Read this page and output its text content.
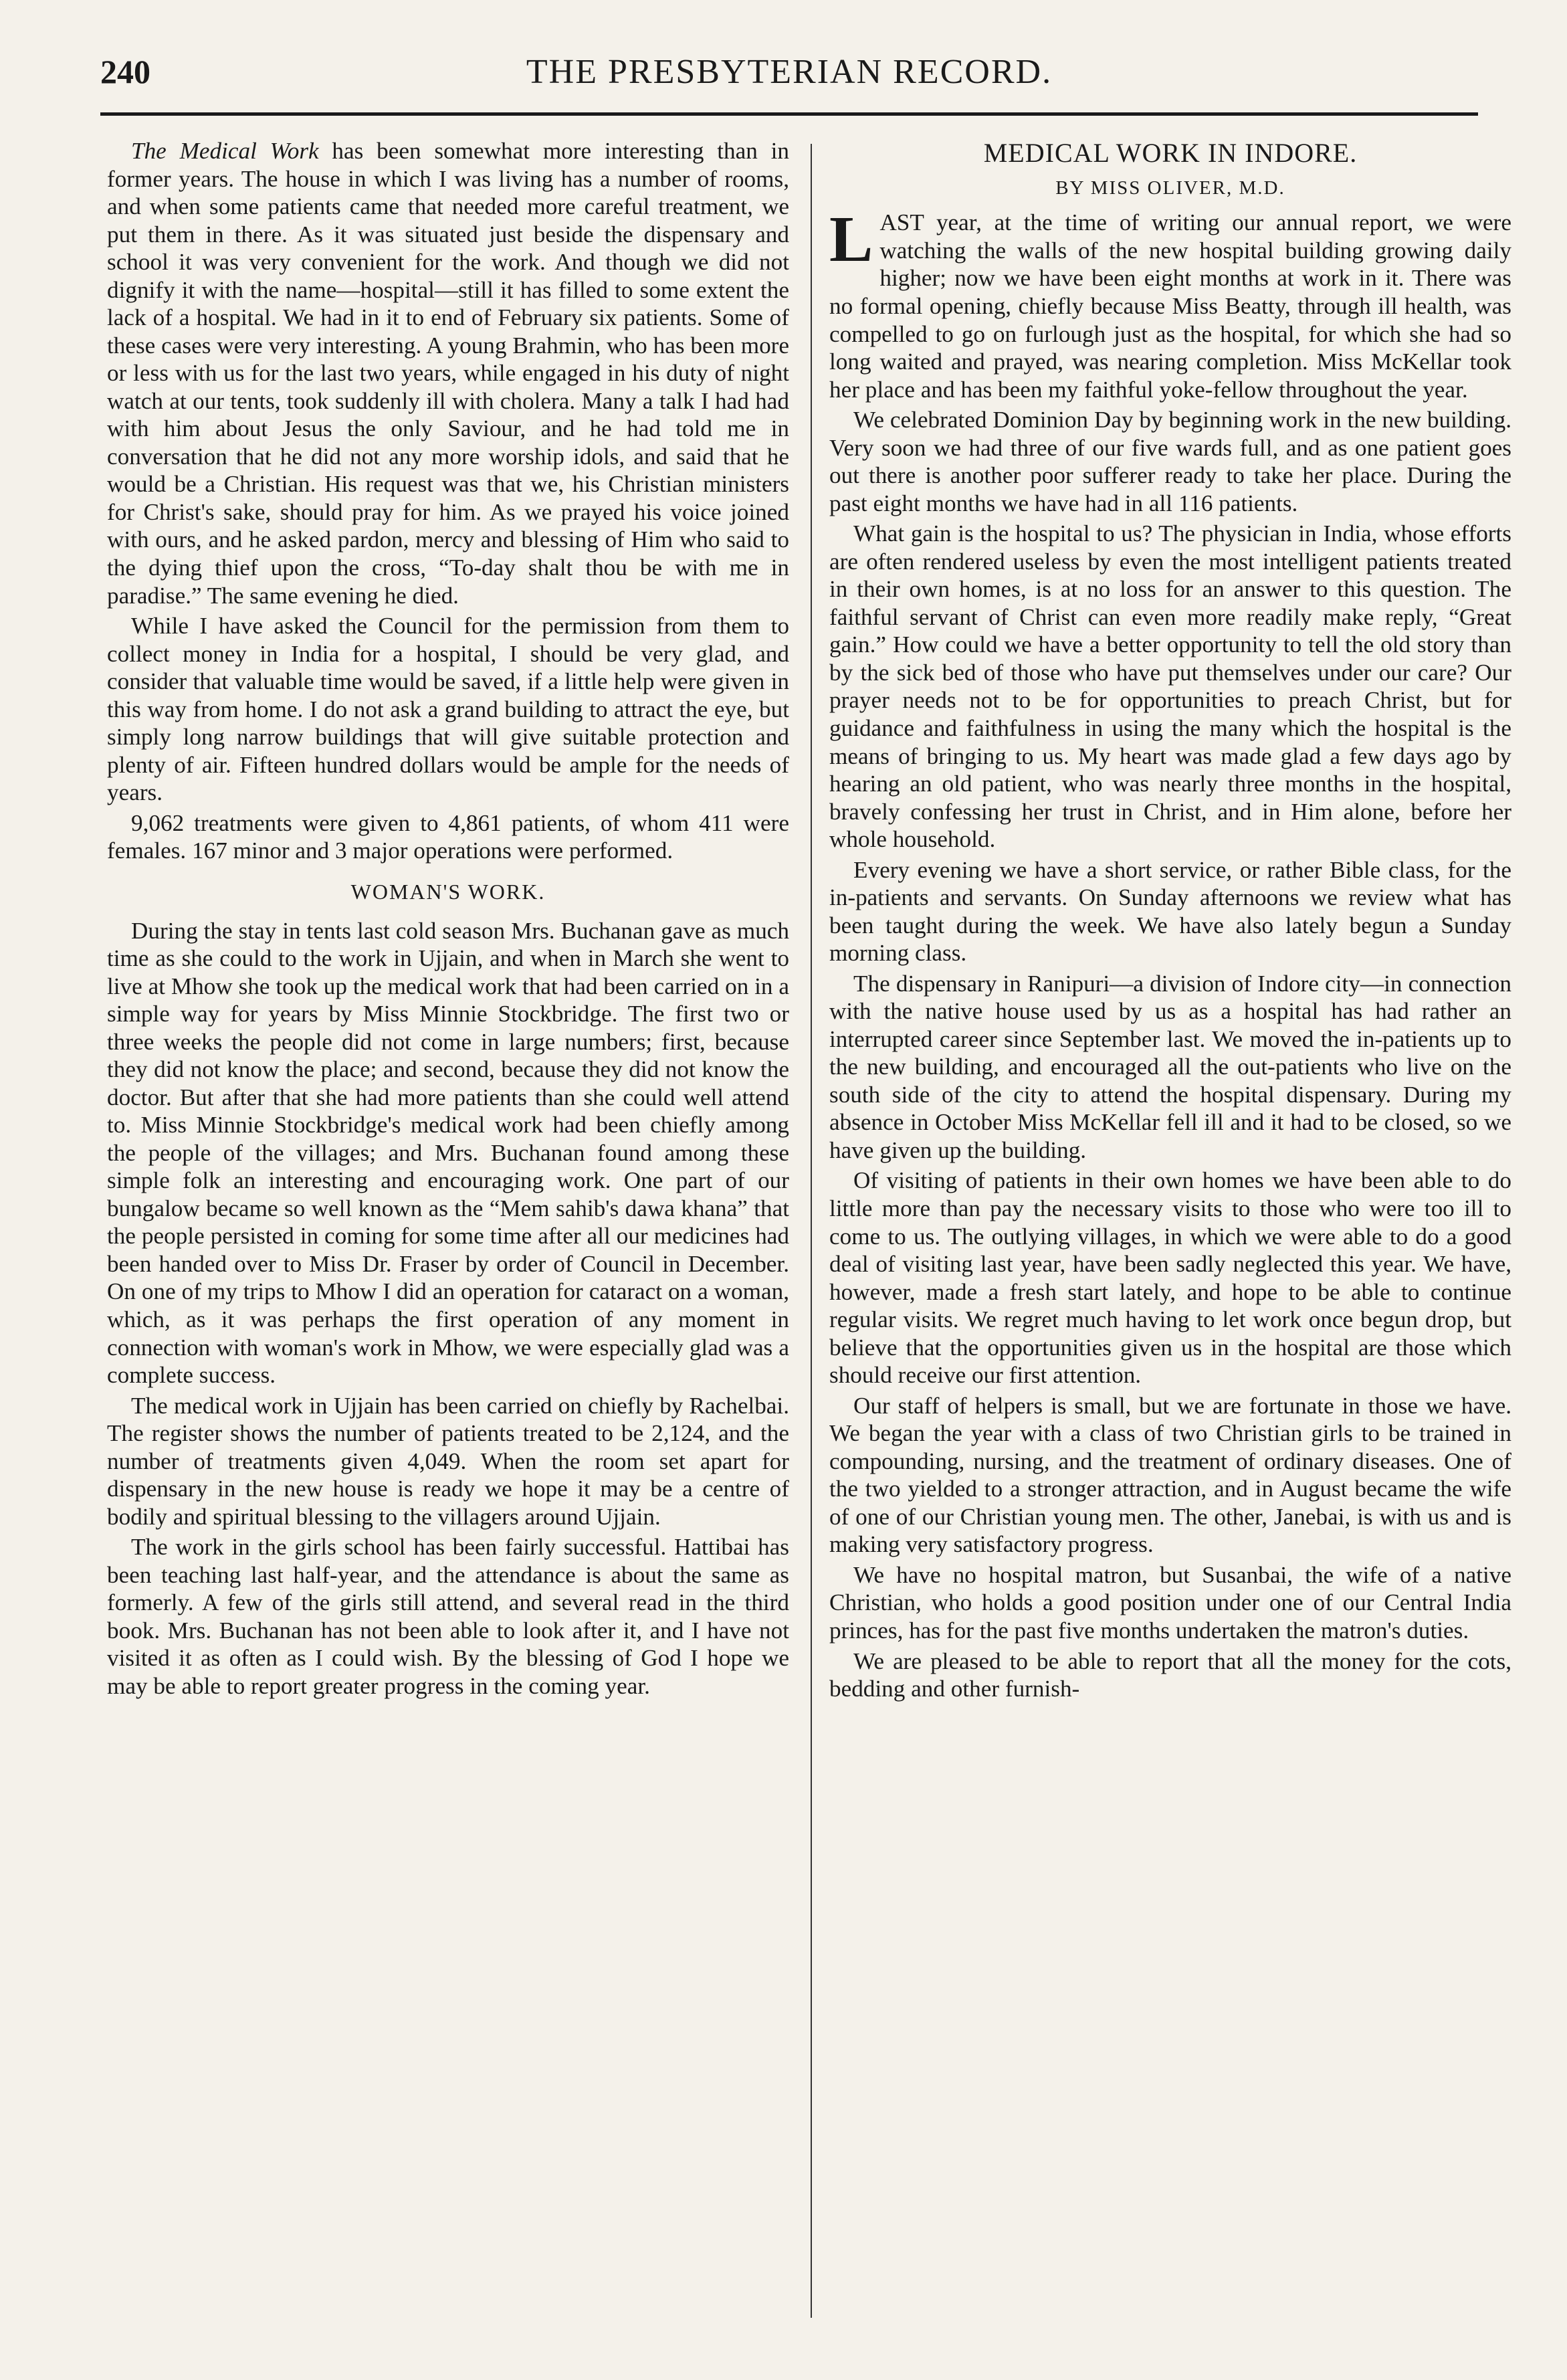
240	THE PRESBYTERIAN RECORD.

The Medical Work has been somewhat more interesting than in former years. The house in which I was living has a number of rooms, and when some patients came that needed more careful treatment, we put them in there. As it was situated just beside the dispensary and school it was very convenient for the work. And though we did not dignify it with the name—hospital—still it has filled to some extent the lack of a hospital. We had in it to end of February six patients. Some of these cases were very interesting. A young Brahmin, who has been more or less with us for the last two years, while engaged in his duty of night watch at our tents, took suddenly ill with cholera. Many a talk I had had with him about Jesus the only Saviour, and he had told me in conversation that he did not any more worship idols, and said that he would be a Christian. His request was that we, his Christian ministers for Christ's sake, should pray for him. As we prayed his voice joined with ours, and he asked pardon, mercy and blessing of Him who said to the dying thief upon the cross, “To-day shalt thou be with me in paradise.” The same evening he died.

While I have asked the Council for the permission from them to collect money in India for a hospital, I should be very glad, and consider that valuable time would be saved, if a little help were given in this way from home. I do not ask a grand building to attract the eye, but simply long narrow buildings that will give suitable protection and plenty of air. Fifteen hundred dollars would be ample for the needs of years.

9,062 treatments were given to 4,861 patients, of whom 411 were females. 167 minor and 3 major operations were performed.

WOMAN'S WORK.

During the stay in tents last cold season Mrs. Buchanan gave as much time as she could to the work in Ujjain, and when in March she went to live at Mhow she took up the medical work that had been carried on in a simple way for years by Miss Minnie Stockbridge. The first two or three weeks the people did not come in large numbers; first, because they did not know the place; and second, because they did not know the doctor. But after that she had more patients than she could well attend to. Miss Minnie Stockbridge's medical work had been chiefly among the people of the villages; and Mrs. Buchanan found among these simple folk an interesting and encouraging work. One part of our bungalow became so well known as the “Mem sahib's dawa khana” that the people persisted in coming for some time after all our medicines had been handed over to Miss Dr. Fraser by order of Council in December. On one of my trips to Mhow I did an operation for cataract on a woman, which, as it was perhaps the first operation of any moment in connection with woman's work in Mhow, we were especially glad was a complete success.

The medical work in Ujjain has been carried on chiefly by Rachelbai. The register shows the number of patients treated to be 2,124, and the number of treatments given 4,049. When the room set apart for dispensary in the new house is ready we hope it may be a centre of bodily and spiritual blessing to the villagers around Ujjain.

The work in the girls school has been fairly successful. Hattibai has been teaching last half-year, and the attendance is about the same as formerly. A few of the girls still attend, and several read in the third book. Mrs. Buchanan has not been able to look after it, and I have not visited it as often as I could wish. By the blessing of God I hope we may be able to report greater progress in the coming year.

MEDICAL WORK IN INDORE.
BY MISS OLIVER, M.D.

LAST year, at the time of writing our annual report, we were watching the walls of the new hospital building growing daily higher; now we have been eight months at work in it. There was no formal opening, chiefly because Miss Beatty, through ill health, was compelled to go on furlough just as the hospital, for which she had so long waited and prayed, was nearing completion. Miss McKellar took her place and has been my faithful yoke-fellow throughout the year.

We celebrated Dominion Day by beginning work in the new building. Very soon we had three of our five wards full, and as one patient goes out there is another poor sufferer ready to take her place. During the past eight months we have had in all 116 patients.

What gain is the hospital to us? The physician in India, whose efforts are often rendered useless by even the most intelligent patients treated in their own homes, is at no loss for an answer to this question. The faithful servant of Christ can even more readily make reply, “Great gain.” How could we have a better opportunity to tell the old story than by the sick bed of those who have put themselves under our care? Our prayer needs not to be for opportunities to preach Christ, but for guidance and faithfulness in using the many which the hospital is the means of bringing to us. My heart was made glad a few days ago by hearing an old patient, who was nearly three months in the hospital, bravely confessing her trust in Christ, and in Him alone, before her whole household.

Every evening we have a short service, or rather Bible class, for the in-patients and servants. On Sunday afternoons we review what has been taught during the week. We have also lately begun a Sunday morning class.

The dispensary in Ranipuri—a division of Indore city—in connection with the native house used by us as a hospital has had rather an interrupted career since September last. We moved the in-patients up to the new building, and encouraged all the out-patients who live on the south side of the city to attend the hospital dispensary. During my absence in October Miss McKellar fell ill and it had to be closed, so we have given up the building.

Of visiting of patients in their own homes we have been able to do little more than pay the necessary visits to those who were too ill to come to us. The outlying villages, in which we were able to do a good deal of visiting last year, have been sadly neglected this year. We have, however, made a fresh start lately, and hope to be able to continue regular visits. We regret much having to let work once begun drop, but believe that the opportunities given us in the hospital are those which should receive our first attention.

Our staff of helpers is small, but we are fortunate in those we have. We began the year with a class of two Christian girls to be trained in compounding, nursing, and the treatment of ordinary diseases. One of the two yielded to a stronger attraction, and in August became the wife of one of our Christian young men. The other, Janebai, is with us and is making very satisfactory progress.

We have no hospital matron, but Susanbai, the wife of a native Christian, who holds a good position under one of our Central India princes, has for the past five months undertaken the matron's duties.

We are pleased to be able to report that all the money for the cots, bedding and other furnish-
